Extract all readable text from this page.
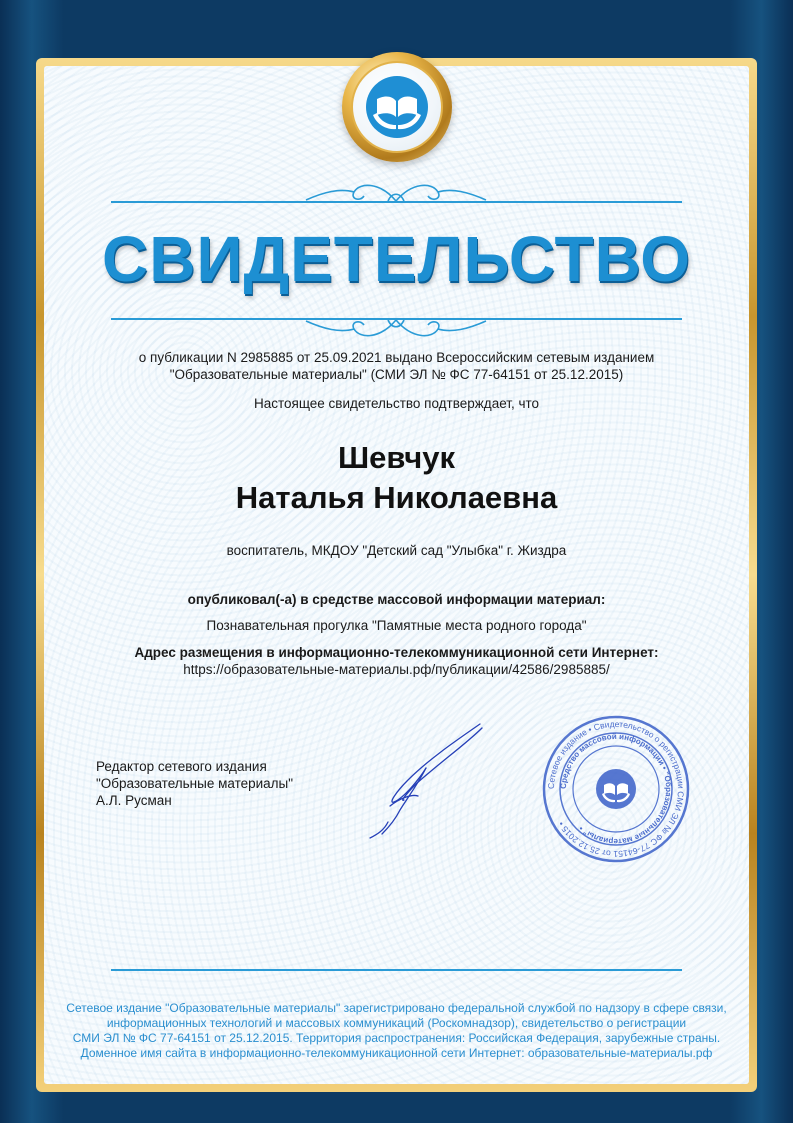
СВИДЕТЕЛЬСТВО
о публикации N 2985885 от 25.09.2021 выдано Всероссийским сетевым изданием
"Образовательные материалы" (СМИ ЭЛ № ФС 77-64151 от 25.12.2015)
Настоящее свидетельство подтверждает, что
Шевчук
Наталья Николаевна
воспитатель, МКДОУ "Детский сад "Улыбка" г. Жиздра
опубликовал(-а) в средстве массовой информации материал:
Познавательная прогулка "Памятные места родного города"
Адрес размещения в информационно-телекоммуникационной сети Интернет:
https://образовательные-материалы.рф/публикации/42586/2985885/
Редактор сетевого издания
"Образовательные материалы"
А.Л. Русман
Сетевое издание • Свидетельство о регистрации СМИ ЭЛ № ФС 77-64151 от 25.12.2015 •
Средство массовой информации • "Образовательные материалы" •
Сетевое издание "Образовательные материалы" зарегистрировано федеральной службой по надзору в сфере связи,
информационных технологий и массовых коммуникаций (Роскомнадзор), свидетельство о регистрации
СМИ ЭЛ № ФС 77-64151 от 25.12.2015. Территория распространения: Российская Федерация, зарубежные страны.
Доменное имя сайта в информационно-телекоммуникационной сети Интернет: образовательные-материалы.рф
